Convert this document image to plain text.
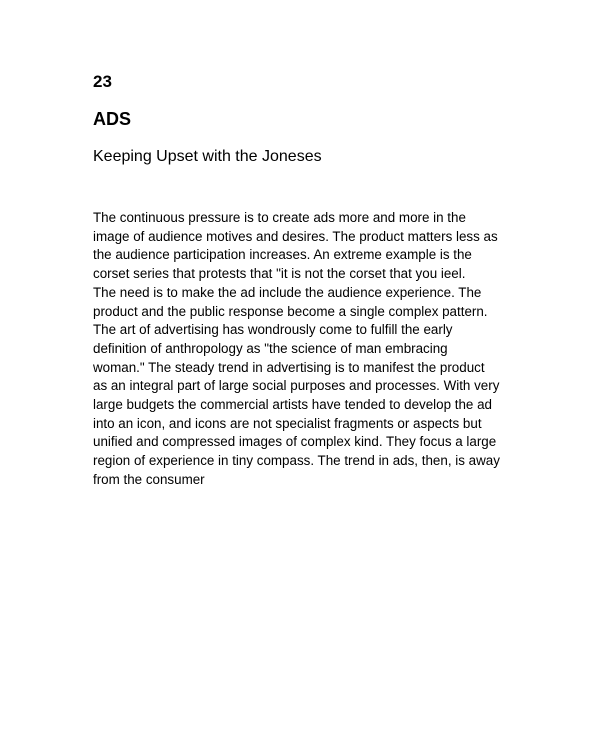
23
ADS
Keeping Upset with the Joneses

The continuous pressure is to create ads more and more in the
image of audience motives and desires. The product matters less as
the audience participation increases. An extreme example is the
corset series that protests that "it is not the corset that you ieel.
The need is to make the ad include the audience experience. The
product and the public response become a single complex pattern.
The art of advertising has wondrously come to fulfill the early
definition of anthropology as "the science of man embracing
woman." The steady trend in advertising is to manifest the product
as an integral part of large social purposes and processes. With very
large budgets the commercial artists have tended to develop the ad
into an icon, and icons are not specialist fragments or aspects but
unified and compressed images of complex kind. They focus a large
region of experience in tiny compass. The trend in ads, then, is away
from the consumer
